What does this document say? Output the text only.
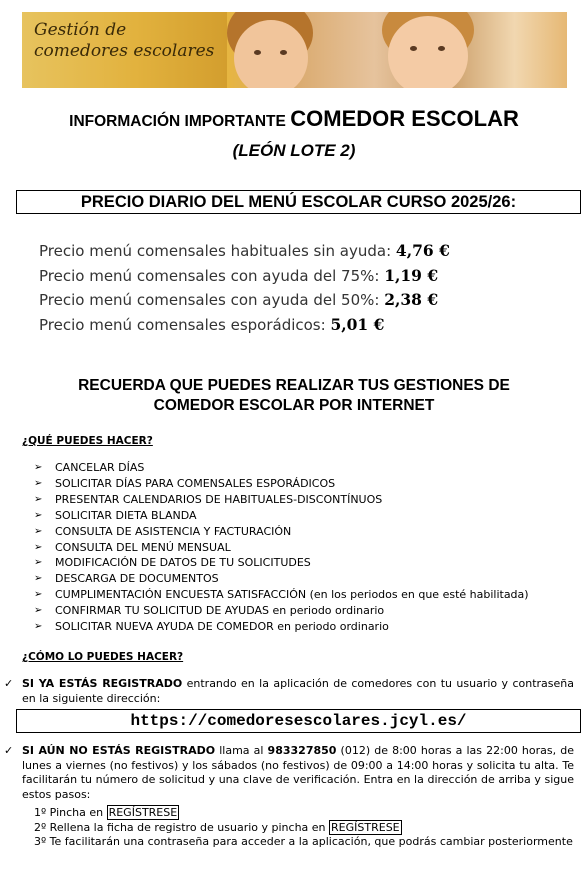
Gestión de
comedores escolares
INFORMACIÓN IMPORTANTE COMEDOR ESCOLAR
(LEÓN LOTE 2)
PRECIO DIARIO DEL MENÚ ESCOLAR CURSO 2025/26:
Precio menú comensales habituales sin ayuda: 4,76 €
Precio menú comensales con ayuda del 75%: 1,19 €
Precio menú comensales con ayuda del 50%: 2,38 €
Precio menú comensales esporádicos: 5,01 €
RECUERDA QUE PUEDES REALIZAR TUS GESTIONES DE
COMEDOR ESCOLAR POR INTERNET
¿QUÉ PUEDES HACER?
➢ CANCELAR DÍAS
➢ SOLICITAR DÍAS PARA COMENSALES ESPORÁDICOS
➢ PRESENTAR CALENDARIOS DE HABITUALES-DISCONTÍNUOS
➢ SOLICITAR DIETA BLANDA
➢ CONSULTA DE ASISTENCIA Y FACTURACIÓN
➢ CONSULTA DEL MENÚ MENSUAL
➢ MODIFICACIÓN DE DATOS DE TU SOLICITUDES
➢ DESCARGA DE DOCUMENTOS
➢ CUMPLIMENTACIÓN ENCUESTA SATISFACCIÓN (en los periodos en que esté habilitada)
➢ CONFIRMAR TU SOLICITUD DE AYUDAS en periodo ordinario
➢ SOLICITAR NUEVA AYUDA DE COMEDOR en periodo ordinario
¿CÓMO LO PUEDES HACER?
✓ SI YA ESTÁS REGISTRADO entrando en la aplicación de comedores con tu usuario y contraseña en la siguiente dirección:
https://comedoresescolares.jcyl.es/
✓ SI AÚN NO ESTÁS REGISTRADO llama al 983327850 (012) de 8:00 horas a las 22:00 horas, de lunes a viernes (no festivos) y los sábados (no festivos) de 09:00 a 14:00 horas y solicita tu alta. Te facilitarán tu número de solicitud y una clave de verificación. Entra en la dirección de arriba y sigue estos pasos:
1º Pincha en REGÍSTRESE
2º Rellena la ficha de registro de usuario y pincha en REGÍSTRESE
3º Te facilitarán una contraseña para acceder a la aplicación, que podrás cambiar posteriormente
